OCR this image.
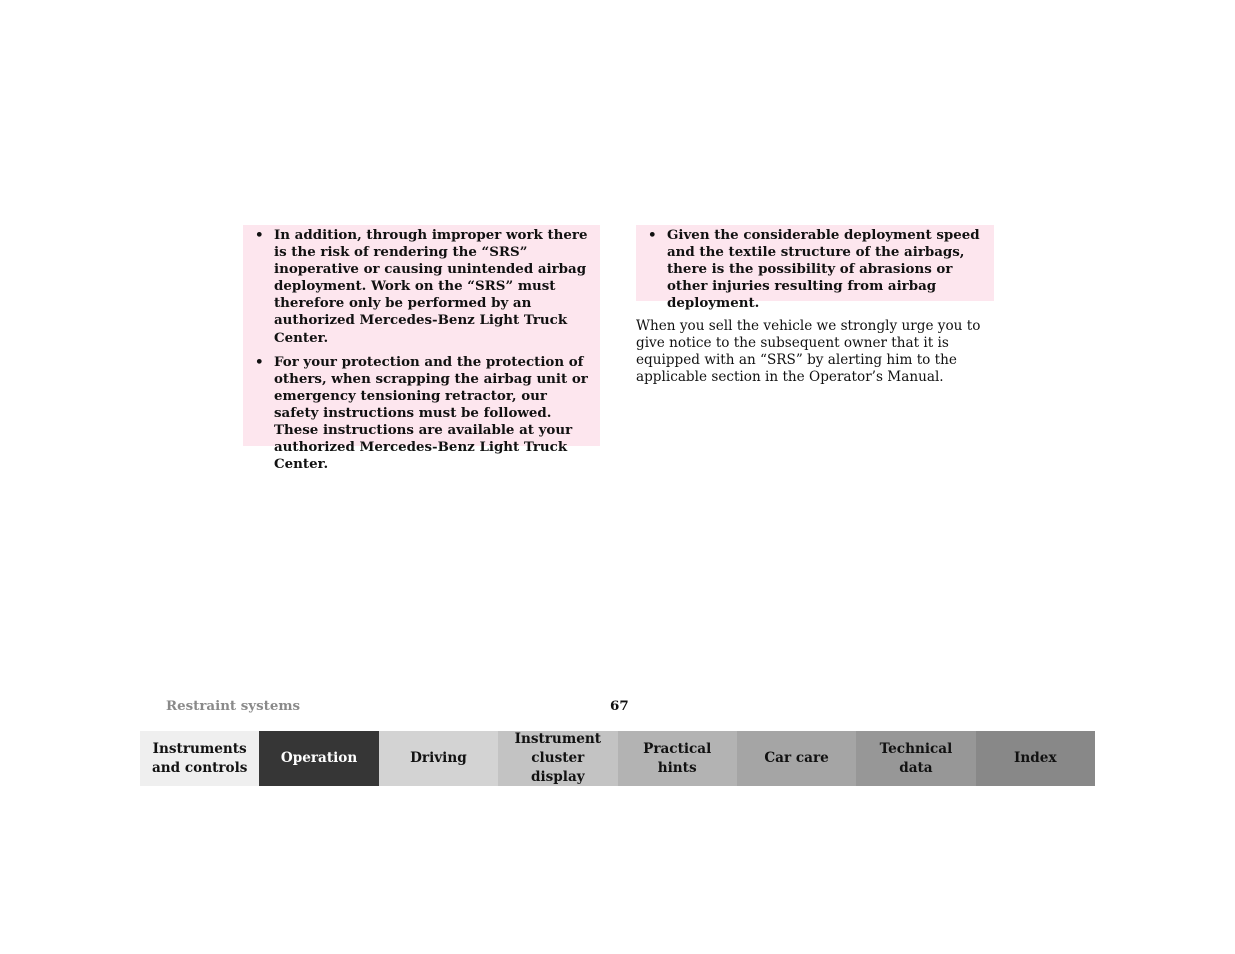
• In addition, through improper work there is the risk of rendering the “SRS” inoperative or causing unintended airbag deployment. Work on the “SRS” must therefore only be performed by an authorized Mercedes-Benz Light Truck Center.
• For your protection and the protection of others, when scrapping the airbag unit or emergency tensioning retractor, our safety instructions must be followed. These instructions are available at your authorized Mercedes-Benz Light Truck Center.
• Given the considerable deployment speed and the textile structure of the airbags, there is the possibility of abrasions or other injuries resulting from airbag deployment.

When you sell the vehicle we strongly urge you to give notice to the subsequent owner that it is equipped with an “SRS” by alerting him to the applicable section in the Operator’s Manual.

Restraint systems	67
Instruments
and controls
Operation	Driving
Instrument
cluster display
Practical hints
Car care
Technical
data
Index
